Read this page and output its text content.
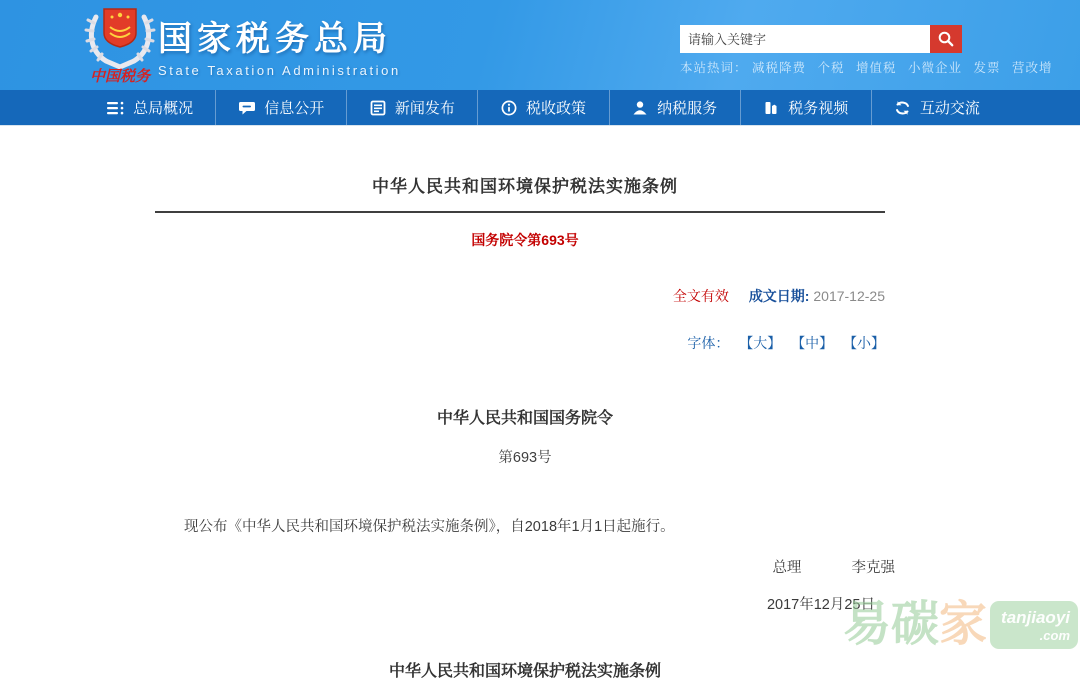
中国税务
国家税务总局
State Taxation Administration
请输入关键字	本站热词： 减税降费 个税 增值税 小微企业 发票 营改增
总局概况	信息公开	新闻发布	税收政策	纳税服务	税务视频	互动交流
中华人民共和国环境保护税法实施条例
国务院令第693号
全文有效 成文日期: 2017-12-25
字体： 【大】 【中】 【小】
中华人民共和国国务院令
第693号
现公布《中华人民共和国环境保护税法实施条例》，自2018年1月1日起施行。
总理	李克强
2017年12月25日
中华人民共和国环境保护税法实施条例
易碳 家 tanjiaoyi
.com
